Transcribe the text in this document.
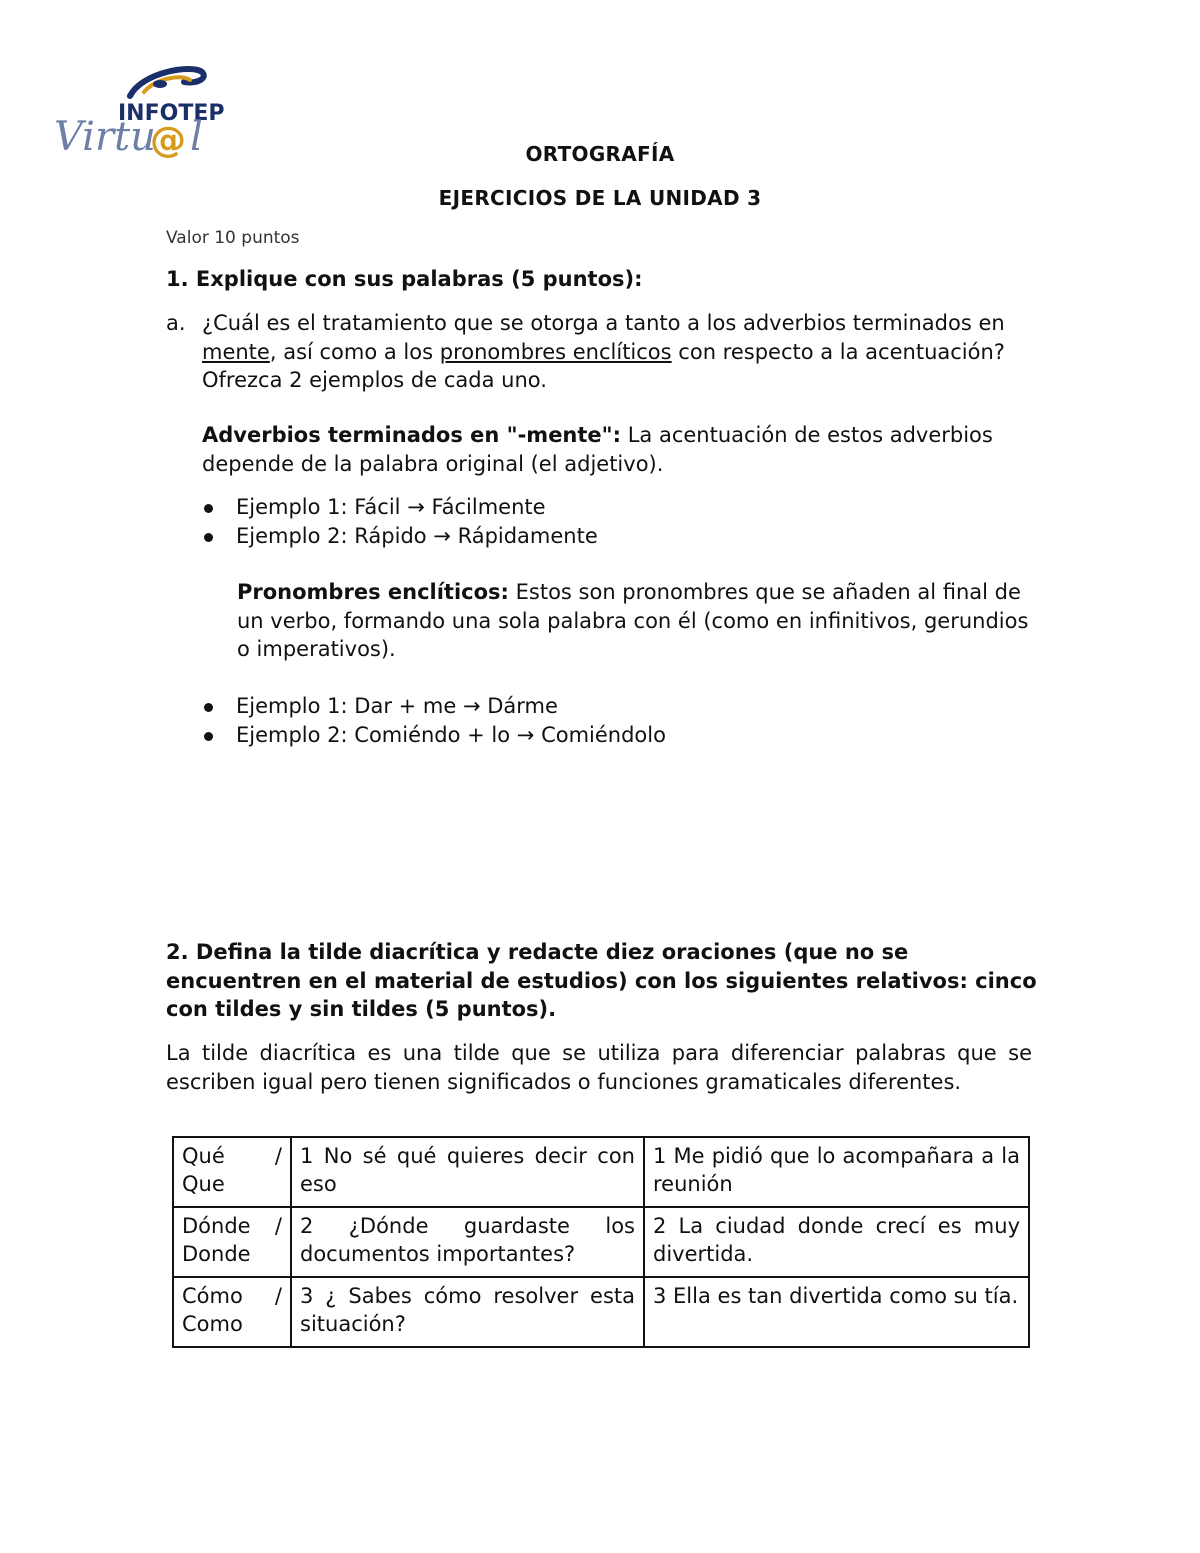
INFOTEP
Virtu
@ l	ORTOGRAFÍA
EJERCICIOS DE LA UNIDAD 3
Valor 10 puntos
1. Explique con sus palabras (5 puntos):
a. ¿Cuál es el tratamiento que se otorga a tanto a los adverbios terminados en mente, así como a los pronombres enclíticos con respecto a la acentuación? Ofrezca 2 ejemplos de cada uno.
Adverbios terminados en "-mente": La acentuación de estos adverbios depende de la palabra original (el adjetivo).
Ejemplo 1: Fácil → Fácilmente
Ejemplo 2: Rápido → Rápidamente
Pronombres enclíticos: Estos son pronombres que se añaden al final de un verbo, formando una sola palabra con él (como en infinitivos, gerundios o imperativos).
Ejemplo 1: Dar + me → Dárme
Ejemplo 2: Comiéndo + lo → Comiéndolo
2. Defina la tilde diacrítica y redacte diez oraciones (que no se encuentren en el material de estudios) con los siguientes relativos: cinco con tildes y sin tildes (5 puntos).
La tilde diacrítica es una tilde que se utiliza para diferenciar palabras que se escriben igual pero tienen significados o funciones gramaticales diferentes.
Qué /
Que	1 No sé qué quieres decir con eso	1 Me pidió que lo acompañara a la reunión

Dónde /
Donde	2 ¿Dónde guardaste los documentos importantes?	2 La ciudad donde crecí es muy divertida.

Cómo /
Como	3 ¿ Sabes cómo resolver esta situación?	3 Ella es tan divertida como su tía.
